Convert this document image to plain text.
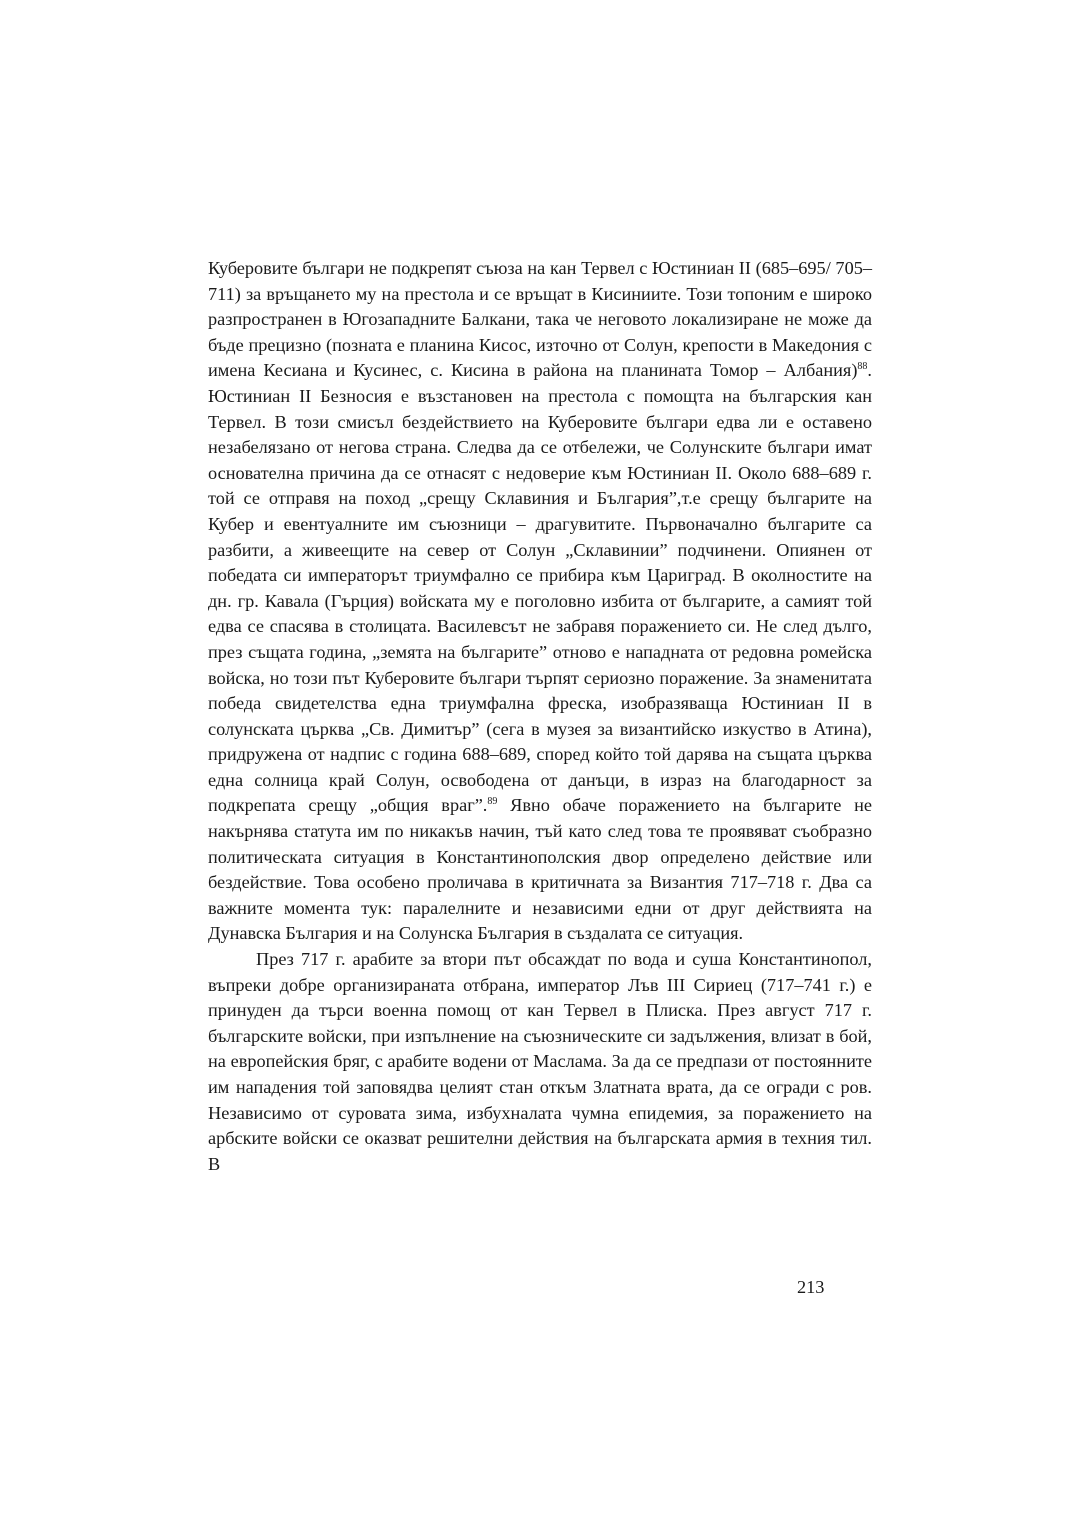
Куберовите българи не подкрепят съюза на кан Тервел с Юстиниан II (685–695/ 705–711) за връщането му на престола и се връщат в Кисиниите. Този топоним е широко разпространен в Югозападните Балкани, така че неговото локализиране не може да бъде прецизно (позната е планина Кисос, източно от Солун, крепости в Македония с имена Кесиана и Кусинес, с. Кисина в района на планината Томор – Албания)$^{88}$. Юстиниан II Безносия е възстановен на престола с помощта на българския кан Тервел. В този смисъл бездействието на Куберовите българи едва ли е оставено незабелязано от негова страна. Следва да се отбележи, че Солунските българи имат основателна причина да се отнасят с недоверие към Юстиниан II. Около 688–689 г. той се отправя на поход „срещу Склавиния и България”,т.е срещу българите на Кубер и евентуалните им съюзници – драгувитите. Първоначално българите са разбити, а живеещите на север от Солун „Склавинии” подчинени. Опиянен от победата си императорът триумфално се прибира към Цариград. В околностите на дн. гр. Кавала (Гърция) войската му е поголовно избита от българите, а самият той едва се спасява в столицата. Василевсът не забравя поражението си. Не след дълго, през същата година, „земята на българите” отново е нападната от редовна ромейска войска, но този път Куберовите българи търпят сериозно поражение. За знаменитата победа свидетелства една триумфална фреска, изобразяваща Юстиниан II в солунската църква „Св. Димитър” (сега в музея за византийско изкуство в Атина), придружена от надпис с година 688–689, според който той дарява на същата църква една солница край Солун, освободена от данъци, в израз на благодарност за подкрепата срещу „общия враг”.$^{89}$ Явно обаче поражението на българите не накърнява статута им по никакъв начин, тъй като след това те проявяват съобразно политическата ситуация в Константинополския двор определено действие или бездействие. Това особено проличава в критичната за Византия 717–718 г. Два са важните момента тук: паралелните и независими едни от друг действията на Дунавска България и на Солунска България в създалата се ситуация.

През 717 г. арабите за втори път обсаждат по вода и суша Константинопол, въпреки добре организираната отбрана, император Лъв III Сириец (717–741 г.) е принуден да търси военна помощ от кан Тервел в Плиска. През август 717 г. българските войски, при изпълнение на съюзническите си задължения, влизат в бой, на европейския бряг, с арабите водени от Маслама. За да се предпази от постоянните им нападения той заповядва целият стан откъм Златната врата, да се огради с ров. Независимо от суровата зима, избухналата чумна епидемия, за поражението на арбските войски се оказват решителни действия на българската армия в техния тил. В

213
